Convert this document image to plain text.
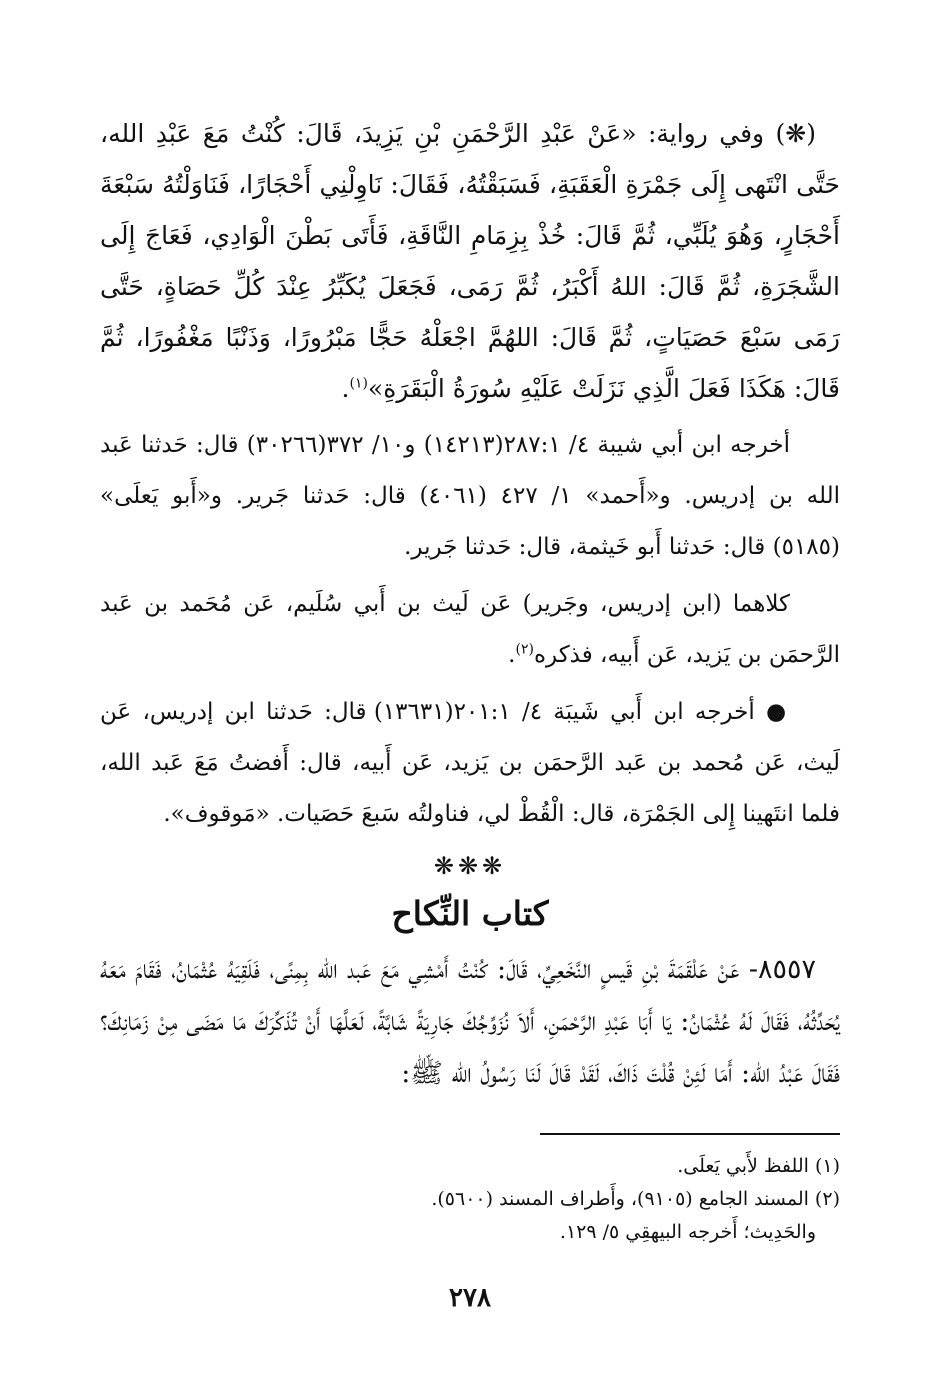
(❋) وفي رواية: «عَنْ عَبْدِ الرَّحْمَنِ بْنِ يَزِيدَ، قَالَ: كُنْتُ مَعَ عَبْدِ الله، حَتَّى انْتَهى إِلَى جَمْرَةِ الْعَقَبَةِ، فَسَبَقْتُهُ، فَقَالَ: نَاوِلْنِي أَحْجَارًا، فَنَاوَلْتُهُ سَبْعَةَ أَحْجَارٍ، وَهُوَ يُلَبِّي، ثُمَّ قَالَ: خُذْ بِزِمَامِ النَّاقَةِ، فَأَتَى بَطْنَ الْوَادِي، فَعَاجَ إِلَى الشَّجَرَةِ، ثُمَّ قَالَ: اللهُ أَكْبَرُ، ثُمَّ رَمَى، فَجَعَلَ يُكَبِّرُ عِنْدَ كُلِّ حَصَاةٍ، حَتَّى رَمَى سَبْعَ حَصَيَاتٍ، ثُمَّ قَالَ: اللهُمَّ اجْعَلْهُ حَجًّا مَبْرُورًا، وَذَنْبًا مَغْفُورًا، ثُمَّ قَالَ: هَكَذَا فَعَلَ الَّذِي نَزَلَتْ عَلَيْهِ سُورَةُ الْبَقَرَةِ»$^{(١)}$.

أخرجه ابن أبي شيبة ٤/ ٢٨٧:١(١٤٢١٣) و١٠/ ٣٧٢(٣٠٢٦٦) قال: حَدثنا عَبد الله بن إدريس. و«أَحمد» ١/ ٤٢٧ (٤٠٦١) قال: حَدثنا جَرير. و«أَبو يَعلَى» (٥١٨٥) قال: حَدثنا أَبو خَيثمة، قال: حَدثنا جَرير.

كلاهما (ابن إدريس، وجَرير) عَن لَيث بن أَبي سُلَيم، عَن مُحَمد بن عَبد الرَّحمَن بن يَزيد، عَن أَبيه، فذكره$^{(٢)}$.

● أخرجه ابن أَبي شَيبَة ٤/ ٢٠١:١(١٣٦٣١) قال: حَدثنا ابن إدريس، عَن لَيث، عَن مُحمد بن عَبد الرَّحمَن بن يَزيد، عَن أَبيه، قال: أَفضتُ مَعَ عَبد الله، فلما انتَهينا إِلى الجَمْرَة، قال: الْقُطْ لي، فناولتُه سَبعَ حَصَيات. «مَوقوف».

❋❋❋

كتاب النِّكاح

٨٥٥٧- عَنْ عَلْقَمَةَ بْنِ قَيسٍ النَّخَعِيِّ، قَالَ: كُنْتُ أَمْشِي مَعَ عَبد الله بِمِنًى، فَلَقِيَهُ عُثْمَانُ، فَقَامَ مَعَهُ يُحَدِّثُهُ، فَقَالَ لَهُ عُثْمَانُ: يَا أَبَا عَبْدِ الرَّحْمَنِ، أَلاَ نُزَوِّجُكَ جَارِيَةً شَابَّةً، لَعَلَّهَا أَنْ تُذَكِّرَكَ مَا مَضَى مِنْ زَمَانِكَ؟ فَقَالَ عَبْدُ الله: أَمَا لَئِنْ قُلْتَ ذَاكَ، لَقَدْ قَالَ لَنَا رَسُولُ الله ﷺ:

(١) اللفظ لأَبي يَعلَى.

(٢) المسند الجامع (٩١٠٥)، وأَطراف المسند (٥٦٠٠).

والحَدِيث؛ أَخرجه البيهقِي ٥/ ١٢٩.

٢٧٨
